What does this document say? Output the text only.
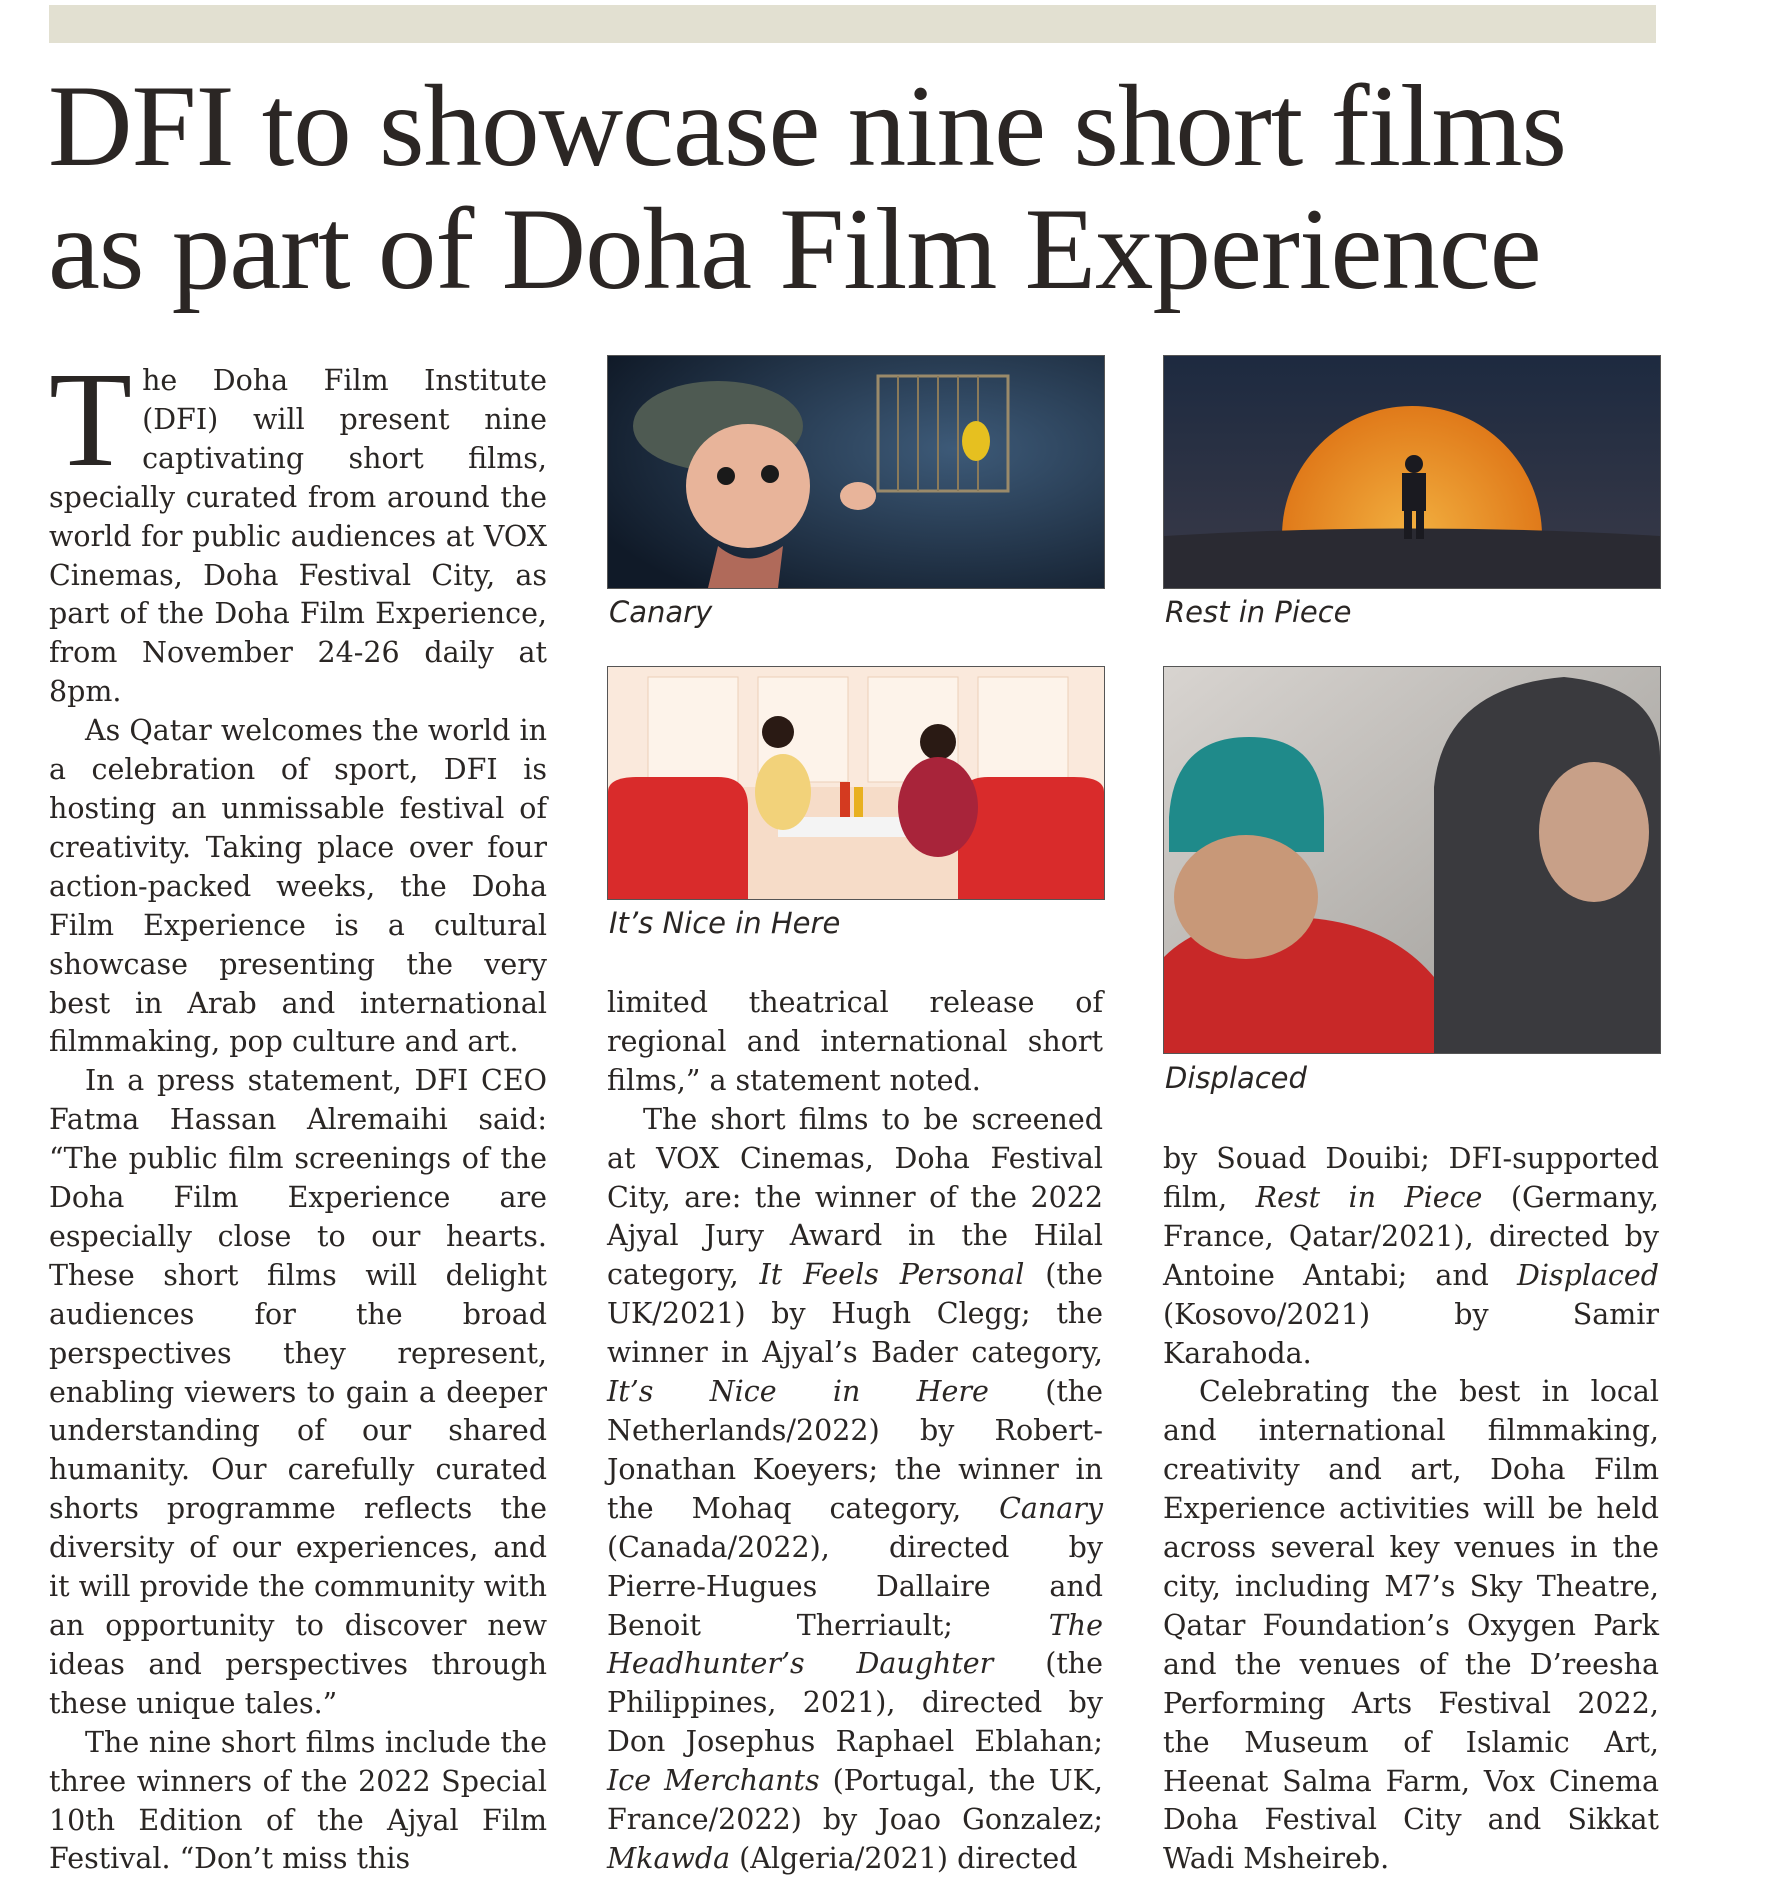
DFI to showcase nine short films as part of Doha Film Experience

The Doha Film Institute (DFI) will present nine captivating short films, specially curated from around the world for public audiences at VOX Cinemas, Doha Festival City, as part of the Doha Film Experience, from November 24-26 daily at 8pm.

As Qatar welcomes the world in a celebration of sport, DFI is hosting an unmissable festival of creativity. Taking place over four action-packed weeks, the Doha Film Experience is a cultural showcase presenting the very best in Arab and international filmmaking, pop culture and art.

In a press statement, DFI CEO Fatma Hassan Alremaihi said: “The public film screenings of the Doha Film Experience are especially close to our hearts. These short films will delight audiences for the broad perspectives they represent, enabling viewers to gain a deeper understanding of our shared humanity. Our carefully curated shorts programme reflects the diversity of our experiences, and it will provide the community with an opportunity to discover new ideas and perspectives through these unique tales.”

The nine short films include the three winners of the 2022 Special 10th Edition of the Ajyal Film Festival. “Don’t miss this

Canary
It’s Nice in Here

limited theatrical release of regional and international short films,” a statement noted.

The short films to be screened at VOX Cinemas, Doha Festival City, are: the winner of the 2022 Ajyal Jury Award in the Hilal category, It Feels Personal (the UK/2021) by Hugh Clegg; the winner in Ajyal’s Bader category, It’s Nice in Here (the Netherlands/2022) by Robert-Jonathan Koeyers; the winner in the Mohaq category, Canary (Canada/2022), directed by Pierre-Hugues Dallaire and Benoit Therriault; The Headhunter’s Daughter (the Philippines, 2021), directed by Don Josephus Raphael Eblahan; Ice Merchants (Portugal, the UK, France/2022) by Joao Gonzalez; Mkawda (Algeria/2021) directed

Rest in Piece
Displaced

by Souad Douibi; DFI-supported film, Rest in Piece (Germany, France, Qatar/2021), directed by Antoine Antabi; and Displaced (Kosovo/2021) by Samir Karahoda.

Celebrating the best in local and international filmmaking, creativity and art, Doha Film Experience activities will be held across several key venues in the city, including M7’s Sky Theatre, Qatar Foundation’s Oxygen Park and the venues of the D’reesha Performing Arts Festival 2022, the Museum of Islamic Art, Heenat Salma Farm, Vox Cinema Doha Festival City and Sikkat Wadi Msheireb.
